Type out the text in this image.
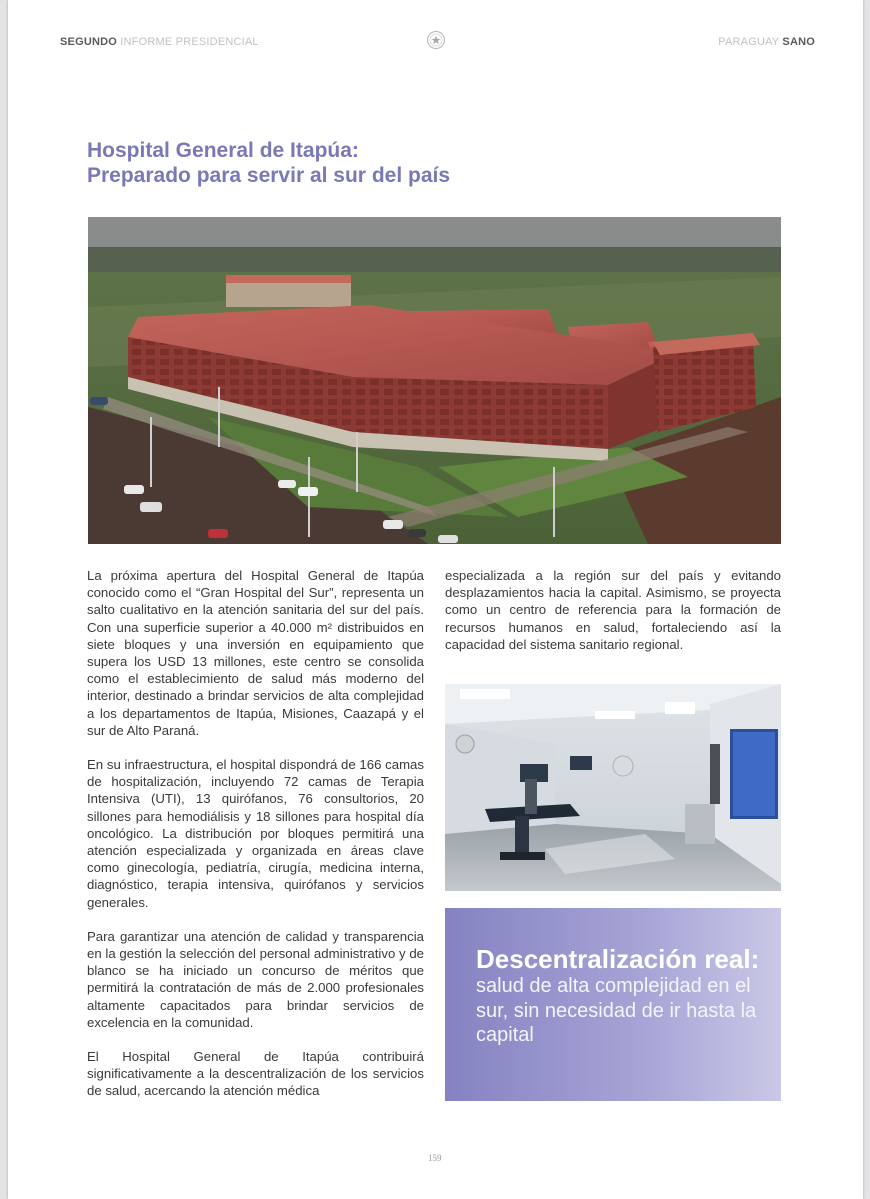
SEGUNDO INFORME PRESIDENCIAL	PARAGUAY SANO
Hospital General de Itapúa:
Preparado para servir al sur del país

La próxima apertura del Hospital General de Itapúa conocido como el “Gran Hospital del Sur”, representa un salto cualitativo en la atención sanitaria del sur del país. Con una superficie superior a 40.000 m² distribuidos en siete bloques y una inversión en equipamiento que supera los USD 13 millones, este centro se consolida como el establecimiento de salud más moderno del interior, destinado a brindar servicios de alta complejidad a los departamentos de Itapúa, Misiones, Caazapá y el sur de Alto Paraná.

En su infraestructura, el hospital dispondrá de 166 camas de hospitalización, incluyendo 72 camas de Terapia Intensiva (UTI), 13 quirófanos, 76 consultorios, 20 sillones para hemodiálisis y 18 sillones para hospital día oncológico. La distribución por bloques permitirá una atención especializada y organizada en áreas clave como ginecología, pediatría, cirugía, medicina interna, diagnóstico, terapia intensiva, quirófanos y servicios generales.

Para garantizar una atención de calidad y transparencia en la gestión la selección del personal administrativo y de blanco se ha iniciado un concurso de méritos que permitirá la contratación de más de 2.000 profesionales altamente capacitados para brindar servicios de excelencia en la comunidad.

El Hospital General de Itapúa contribuirá significativamente a la descentralización de los servicios de salud, acercando la atención médica

especializada a la región sur del país y evitando desplazamientos hacia la capital. Asimismo, se proyecta como un centro de referencia para la formación de recursos humanos en salud, fortaleciendo así la capacidad del sistema sanitario regional.

Descentralización real:
salud de alta complejidad en el sur, sin necesidad de ir hasta la capital
159
